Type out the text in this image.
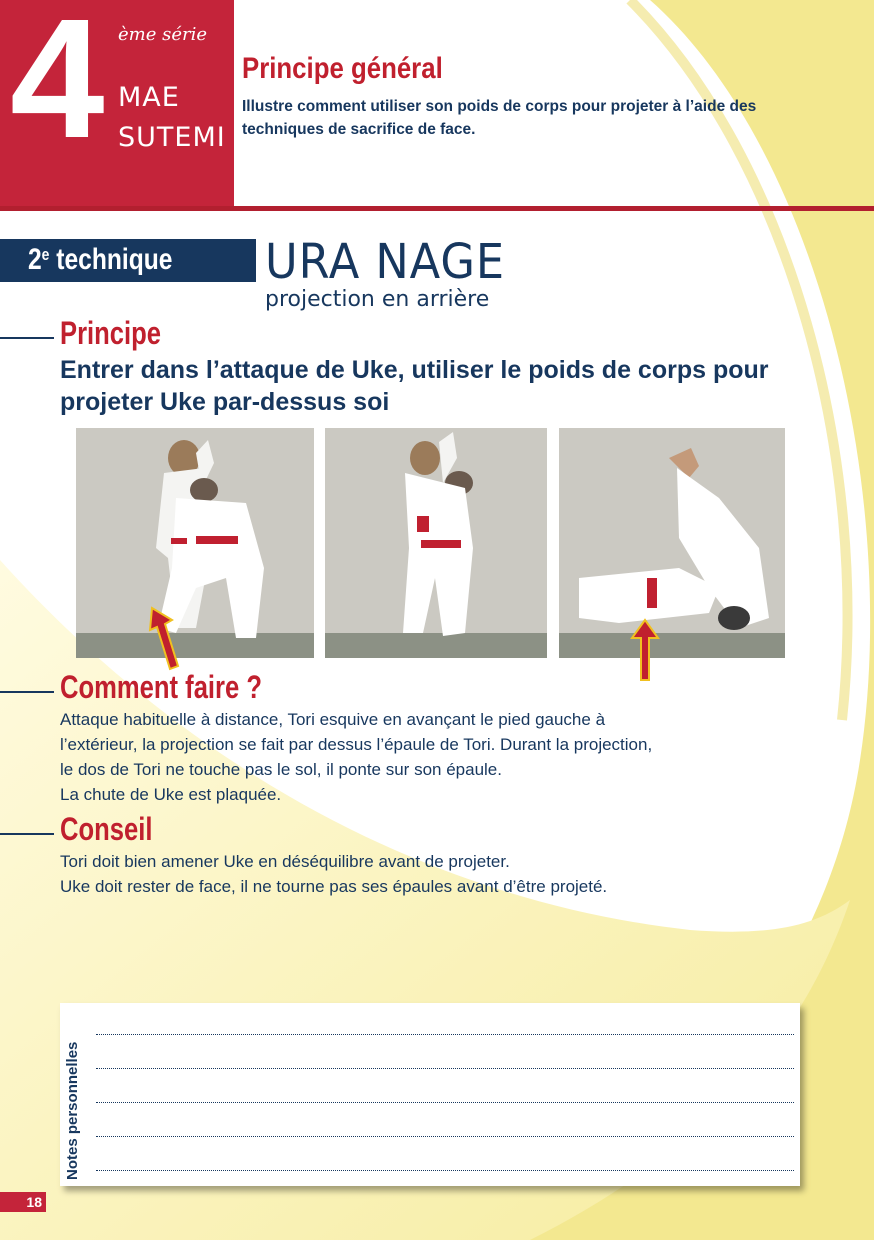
4 ème série
MAE
SUTEMI
Principe général
Illustre comment utiliser son poids de corps pour projeter à l’aide des techniques de sacrifice de face.
2e technique URA NAGE
projection en arrière
Principe
Entrer dans l’attaque de Uke, utiliser le poids de corps pour projeter Uke par-dessus soi
Comment faire ?
Attaque habituelle à distance, Tori esquive en avançant le pied gauche à
l’extérieur, la projection se fait par dessus l’épaule de Tori. Durant la projection,
le dos de Tori ne touche pas le sol, il ponte sur son épaule.
La chute de Uke est plaquée.
Conseil
Tori doit bien amener Uke en déséquilibre avant de projeter.
Uke doit rester de face, il ne tourne pas ses épaules avant d’être projeté.
Notes personnelles
18
